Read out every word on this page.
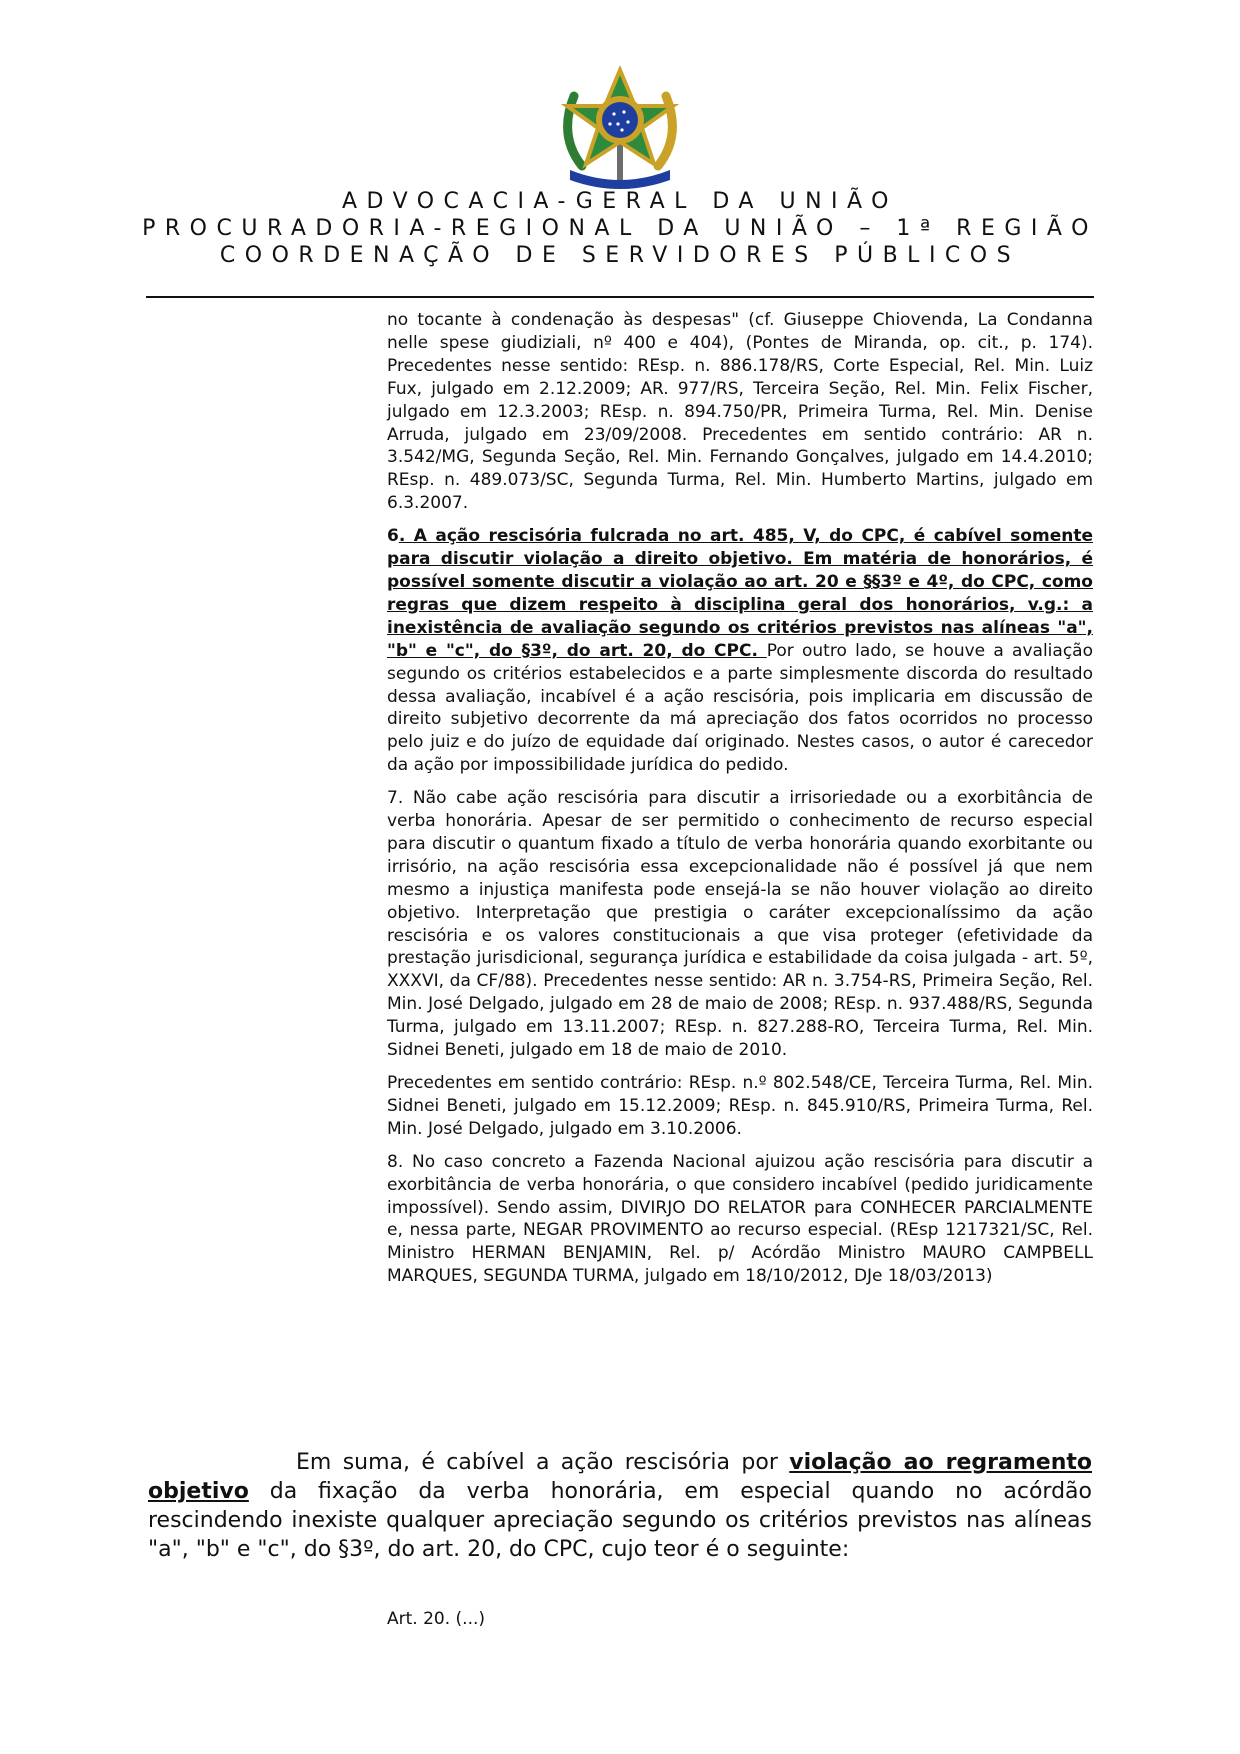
ADVOCACIA-GERAL DA UNIÃO
PROCURADORIA-REGIONAL DA UNIÃO – 1ª REGIÃO
COORDENAÇÃO DE SERVIDORES PÚBLICOS

no tocante à condenação às despesas" (cf. Giuseppe Chiovenda, La Condanna nelle spese giudiziali, nº 400 e 404), (Pontes de Miranda, op. cit., p. 174). Precedentes nesse sentido: REsp. n. 886.178/RS, Corte Especial, Rel. Min. Luiz Fux, julgado em 2.12.2009; AR. 977/RS, Terceira Seção, Rel. Min. Felix Fischer, julgado em 12.3.2003; REsp. n. 894.750/PR, Primeira Turma, Rel. Min. Denise Arruda, julgado em 23/09/2008. Precedentes em sentido contrário: AR n. 3.542/MG, Segunda Seção, Rel. Min. Fernando Gonçalves, julgado em 14.4.2010; REsp. n. 489.073/SC, Segunda Turma, Rel. Min. Humberto Martins, julgado em 6.3.2007.

6. A ação rescisória fulcrada no art. 485, V, do CPC, é cabível somente para discutir violação a direito objetivo. Em matéria de honorários, é possível somente discutir a violação ao art. 20 e §§3º e 4º, do CPC, como regras que dizem respeito à disciplina geral dos honorários, v.g.: a inexistência de avaliação segundo os critérios previstos nas alíneas "a", "b" e "c", do §3º, do art. 20, do CPC. Por outro lado, se houve a avaliação segundo os critérios estabelecidos e a parte simplesmente discorda do resultado dessa avaliação, incabível é a ação rescisória, pois implicaria em discussão de direito subjetivo decorrente da má apreciação dos fatos ocorridos no processo pelo juiz e do juízo de equidade daí originado. Nestes casos, o autor é carecedor da ação por impossibilidade jurídica do pedido.

7. Não cabe ação rescisória para discutir a irrisoriedade ou a exorbitância de verba honorária. Apesar de ser permitido o conhecimento de recurso especial para discutir o quantum fixado a título de verba honorária quando exorbitante ou irrisório, na ação rescisória essa excepcionalidade não é possível já que nem mesmo a injustiça manifesta pode ensejá-la se não houver violação ao direito objetivo. Interpretação que prestigia o caráter excepcionalíssimo da ação rescisória e os valores constitucionais a que visa proteger (efetividade da prestação jurisdicional, segurança jurídica e estabilidade da coisa julgada - art. 5º, XXXVI, da CF/88). Precedentes nesse sentido: AR n. 3.754-RS, Primeira Seção, Rel. Min. José Delgado, julgado em 28 de maio de 2008; REsp. n. 937.488/RS, Segunda Turma, julgado em 13.11.2007; REsp. n. 827.288-RO, Terceira Turma, Rel. Min. Sidnei Beneti, julgado em 18 de maio de 2010.

Precedentes em sentido contrário: REsp. n.º 802.548/CE, Terceira Turma, Rel. Min. Sidnei Beneti, julgado em 15.12.2009; REsp. n. 845.910/RS, Primeira Turma, Rel. Min. José Delgado, julgado em 3.10.2006.

8. No caso concreto a Fazenda Nacional ajuizou ação rescisória para discutir a exorbitância de verba honorária, o que considero incabível (pedido juridicamente impossível). Sendo assim, DIVIRJO DO RELATOR para CONHECER PARCIALMENTE e, nessa parte, NEGAR PROVIMENTO ao recurso especial. (REsp 1217321/SC, Rel. Ministro HERMAN BENJAMIN, Rel. p/ Acórdão Ministro MAURO CAMPBELL MARQUES, SEGUNDA TURMA, julgado em 18/10/2012, DJe 18/03/2013)

Em suma, é cabível a ação rescisória por violação ao regramento objetivo da fixação da verba honorária, em especial quando no acórdão rescindendo inexiste qualquer apreciação segundo os critérios previstos nas alíneas "a", "b" e "c", do §3º, do art. 20, do CPC, cujo teor é o seguinte:

Art. 20. (...)
